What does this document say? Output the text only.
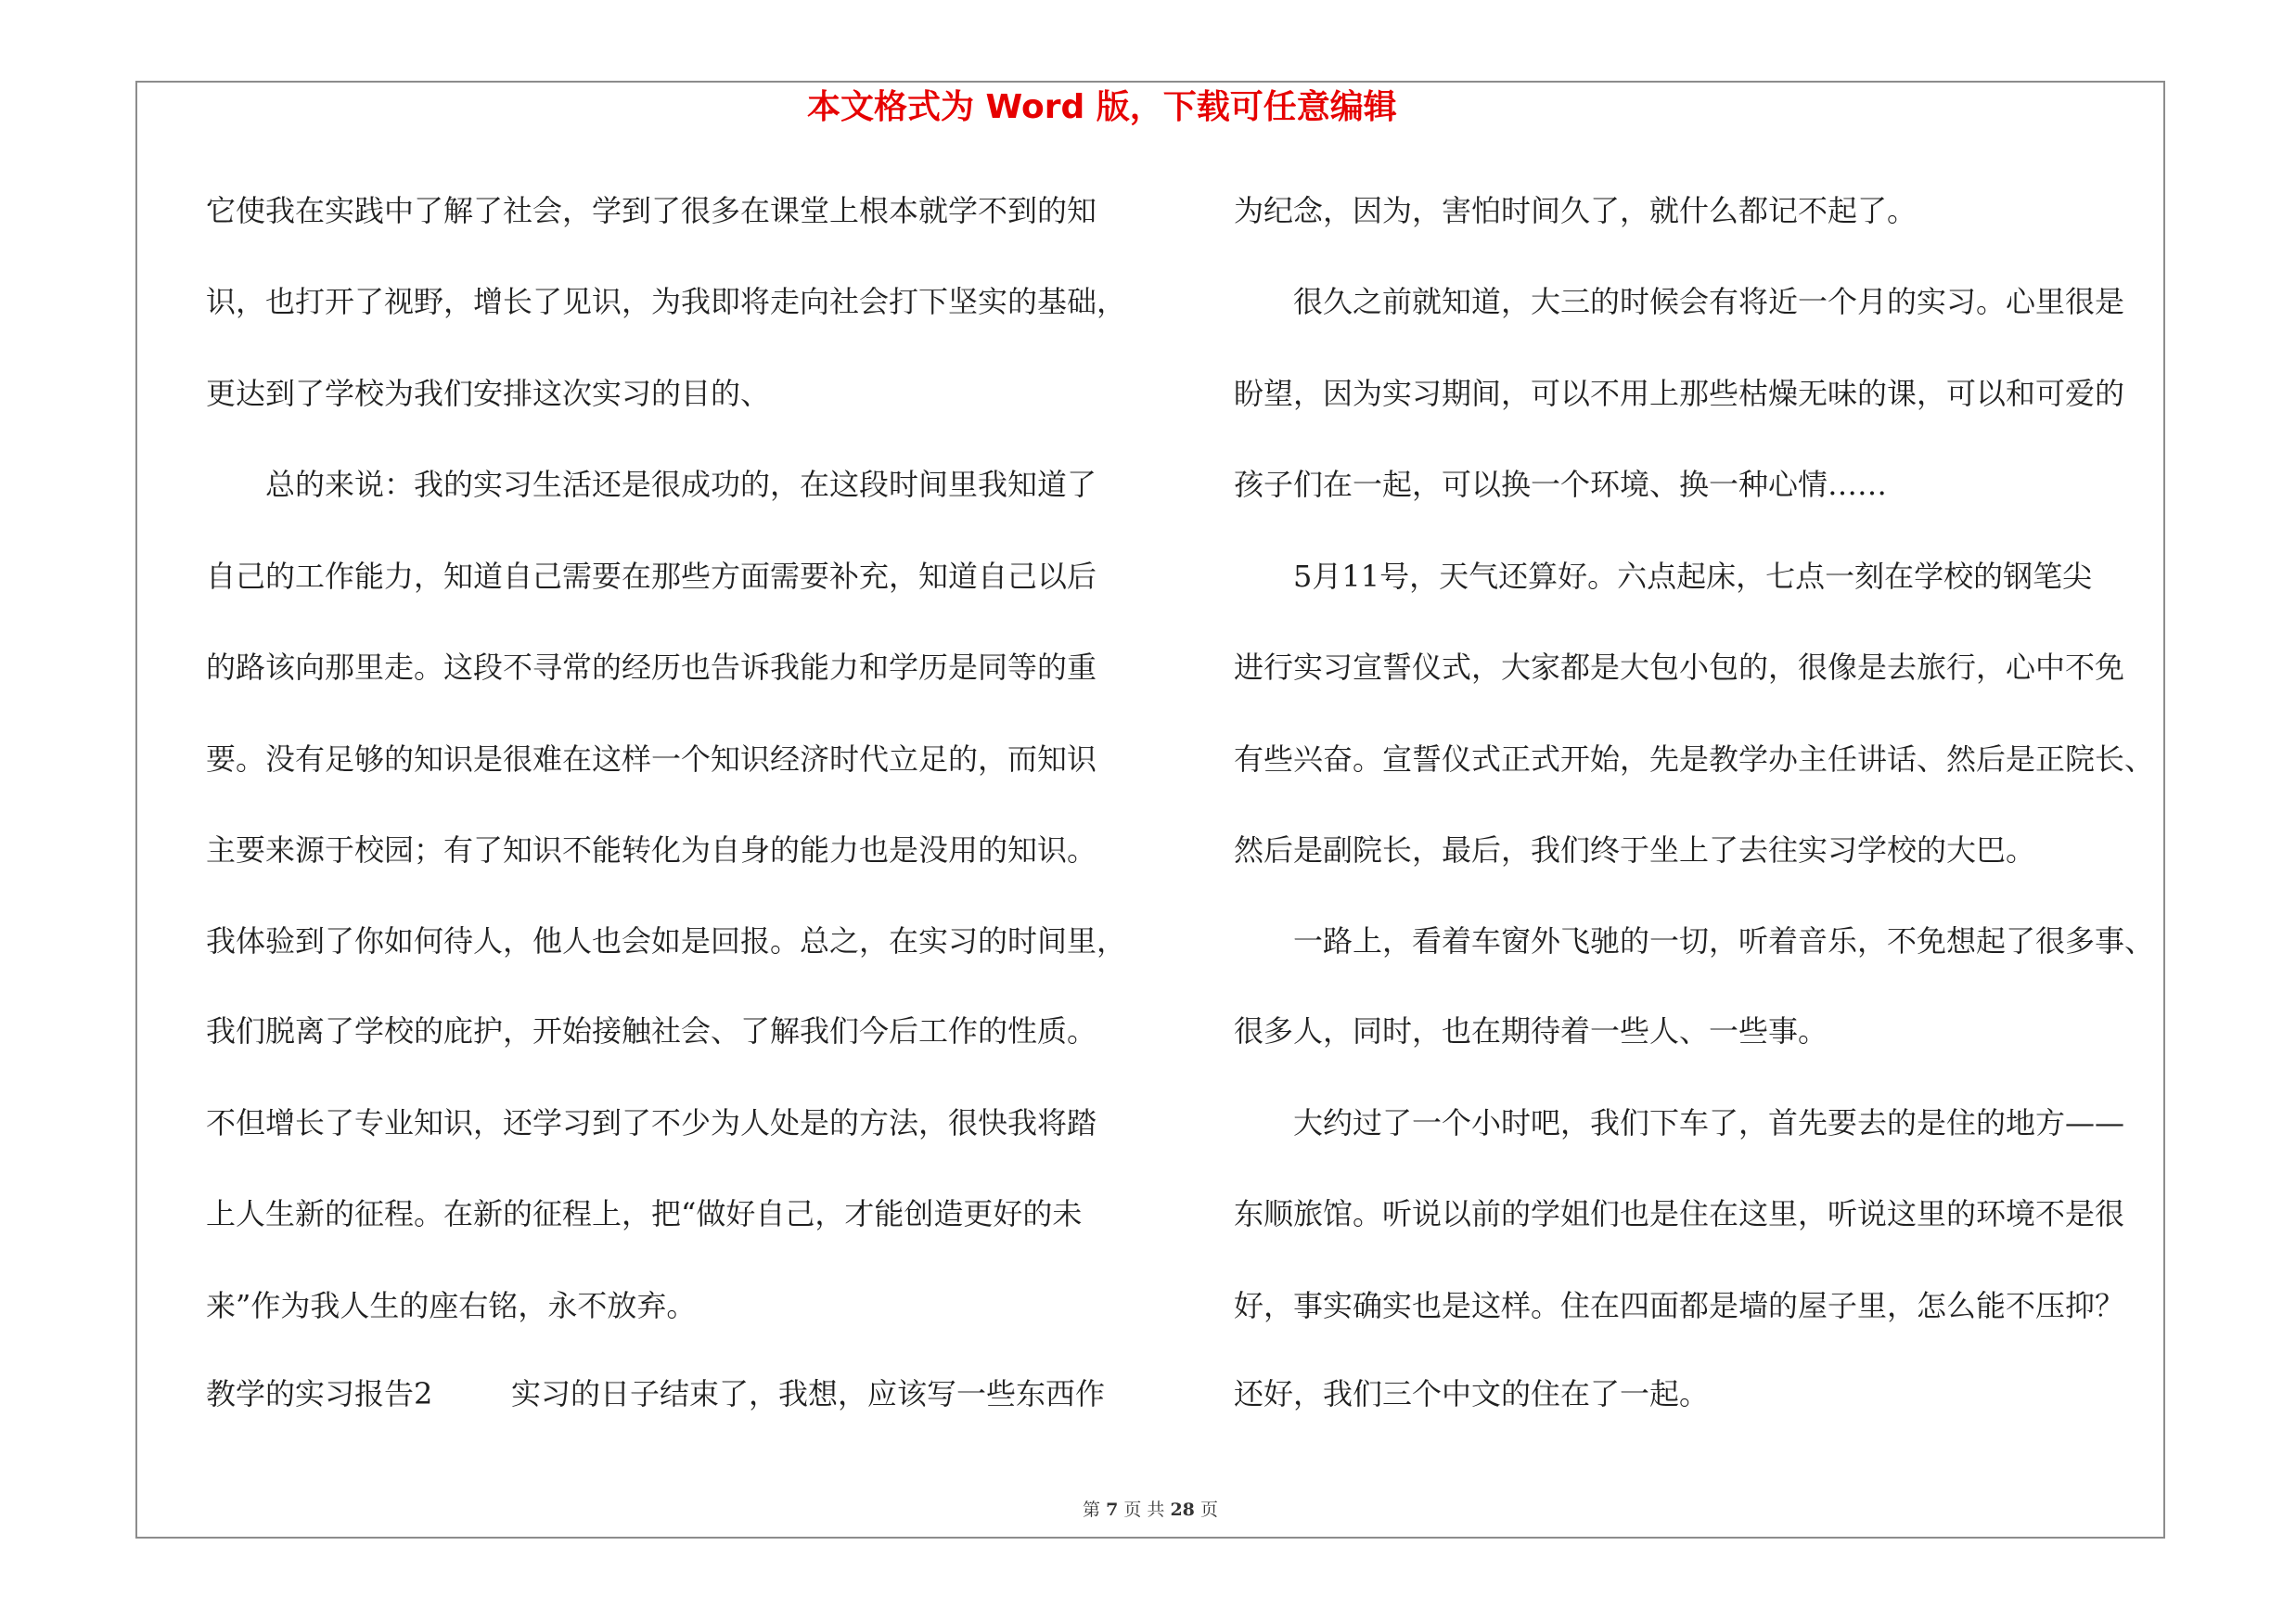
本文格式为 Word 版，下载可任意编辑
它使我在实践中了解了社会，学到了很多在课堂上根本就学不到的知
识，也打开了视野，增长了见识，为我即将走向社会打下坚实的基础，
更达到了学校为我们安排这次实习的目的、
总的来说：我的实习生活还是很成功的，在这段时间里我知道了
自己的工作能力，知道自己需要在那些方面需要补充，知道自己以后
的路该向那里走。这段不寻常的经历也告诉我能力和学历是同等的重
要。没有足够的知识是很难在这样一个知识经济时代立足的，而知识
主要来源于校园；有了知识不能转化为自身的能力也是没用的知识。
我体验到了你如何待人，他人也会如是回报。总之，在实习的时间里，
我们脱离了学校的庇护，开始接触社会、了解我们今后工作的性质。
不但增长了专业知识，还学习到了不少为人处是的方法，很快我将踏
上人生新的征程。在新的征程上，把“做好自己，才能创造更好的未
来”作为我人生的座右铭，永不放弃。
教学的实习报告2	实习的日子结束了，我想，应该写一些东西作
为纪念，因为，害怕时间久了，就什么都记不起了。
很久之前就知道，大三的时候会有将近一个月的实习。心里很是
盼望，因为实习期间，可以不用上那些枯燥无味的课，可以和可爱的
孩子们在一起，可以换一个环境、换一种心情……
5月11号，天气还算好。六点起床，七点一刻在学校的钢笔尖
进行实习宣誓仪式，大家都是大包小包的，很像是去旅行，心中不免
有些兴奋。宣誓仪式正式开始，先是教学办主任讲话、然后是正院长、
然后是副院长，最后，我们终于坐上了去往实习学校的大巴。
一路上，看着车窗外飞驰的一切，听着音乐，不免想起了很多事、
很多人，同时，也在期待着一些人、一些事。
大约过了一个小时吧，我们下车了，首先要去的是住的地方——
东顺旅馆。听说以前的学姐们也是住在这里，听说这里的环境不是很
好，事实确实也是这样。住在四面都是墙的屋子里，怎么能不压抑？
还好，我们三个中文的住在了一起。
第 7 页 共 28 页
